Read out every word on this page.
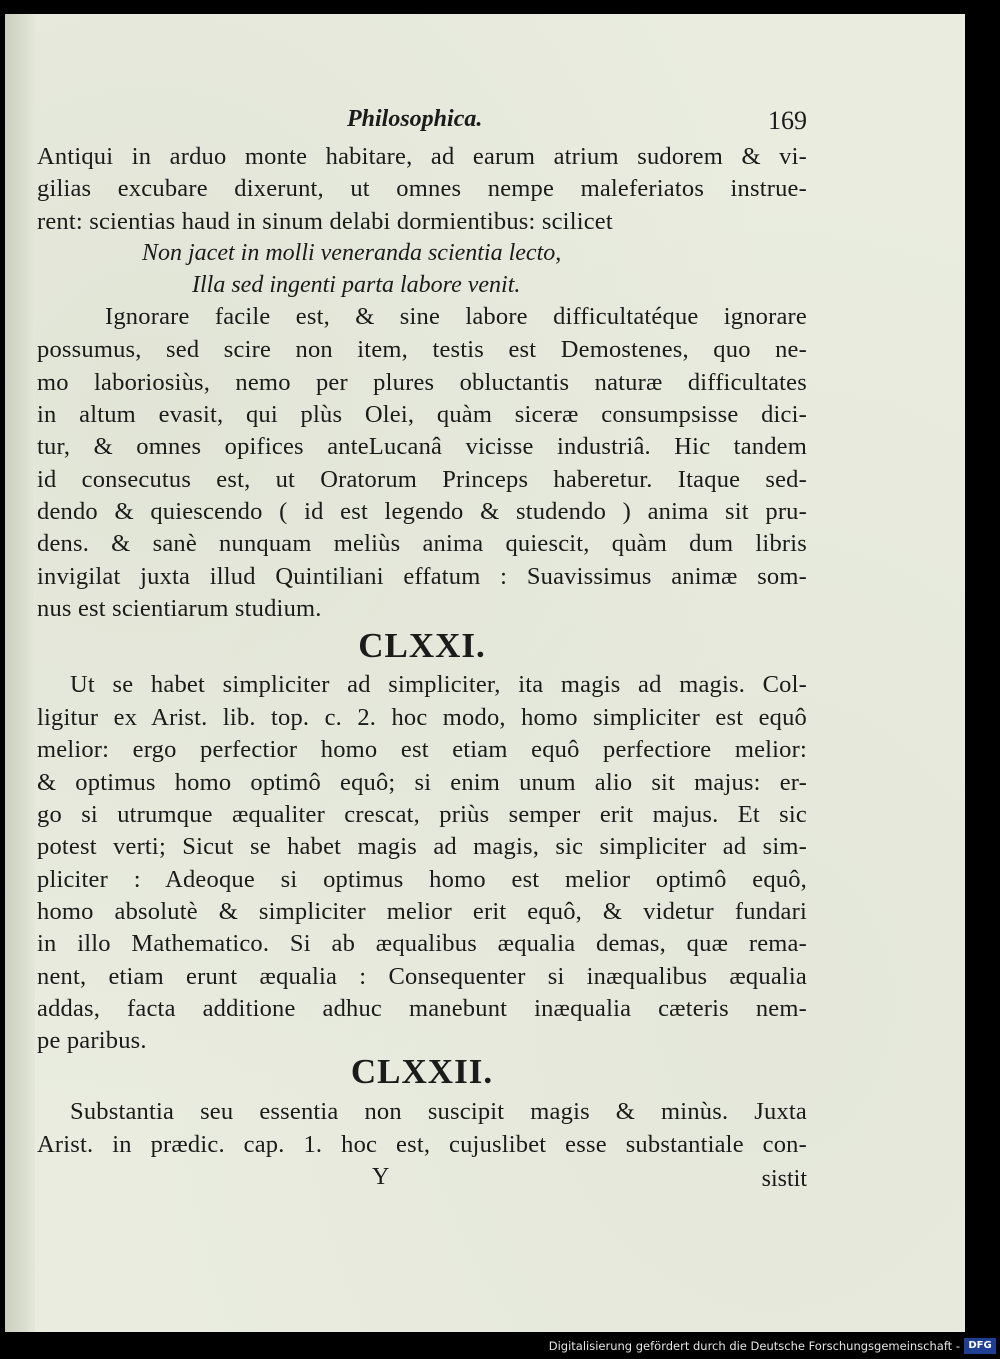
Philosophica.	169
Antiqui in arduo monte habitare, ad earum atrium sudorem & vi-
gilias excubare dixerunt, ut omnes nempe maleferiatos instrue-
rent: scientias haud in sinum delabi dormientibus: scilicet
Non jacet in molli veneranda scientia lecto,
Illa sed ingenti parta labore venit.
Ignorare facile est, & sine labore difficultatéque ignorare
possumus, sed scire non item, testis est Demostenes, quo ne-
mo laboriosiùs, nemo per plures obluctantis naturæ difficultates
in altum evasit, qui plùs Olei, quàm siceræ consumpsisse dici-
tur, & omnes opifices anteLucanâ vicisse industriâ. Hic tandem
id consecutus est, ut Oratorum Princeps haberetur. Itaque sed-
dendo & quiescendo ( id est legendo & studendo ) anima sit pru-
dens. & sanè nunquam meliùs anima quiescit, quàm dum libris
invigilat juxta illud Quintiliani effatum : Suavissimus animæ som-
nus est scientiarum studium.
CLXXI.
Ut se habet simpliciter ad simpliciter, ita magis ad magis. Col-
ligitur ex Arist. lib. top. c. 2. hoc modo, homo simpliciter est equô
melior: ergo perfectior homo est etiam equô perfectiore melior:
& optimus homo optimô equô; si enim unum alio sit majus: er-
go si utrumque æqualiter crescat, priùs semper erit majus. Et sic
potest verti; Sicut se habet magis ad magis, sic simpliciter ad sim-
pliciter : Adeoque si optimus homo est melior optimô equô,
homo absolutè & simpliciter melior erit equô, & videtur fundari
in illo Mathematico. Si ab æqualibus æqualia demas, quæ rema-
nent, etiam erunt æqualia : Consequenter si inæqualibus æqualia
addas, facta additione adhuc manebunt inæqualia cæteris nem-
pe paribus.
CLXXII.
Substantia seu essentia non suscipit magis & minùs. Juxta
Arist. in prædic. cap. 1. hoc est, cujuslibet esse substantiale con-
Y	sistit
Digitalisierung gefördert durch die Deutsche Forschungsgemeinschaft - DFG
